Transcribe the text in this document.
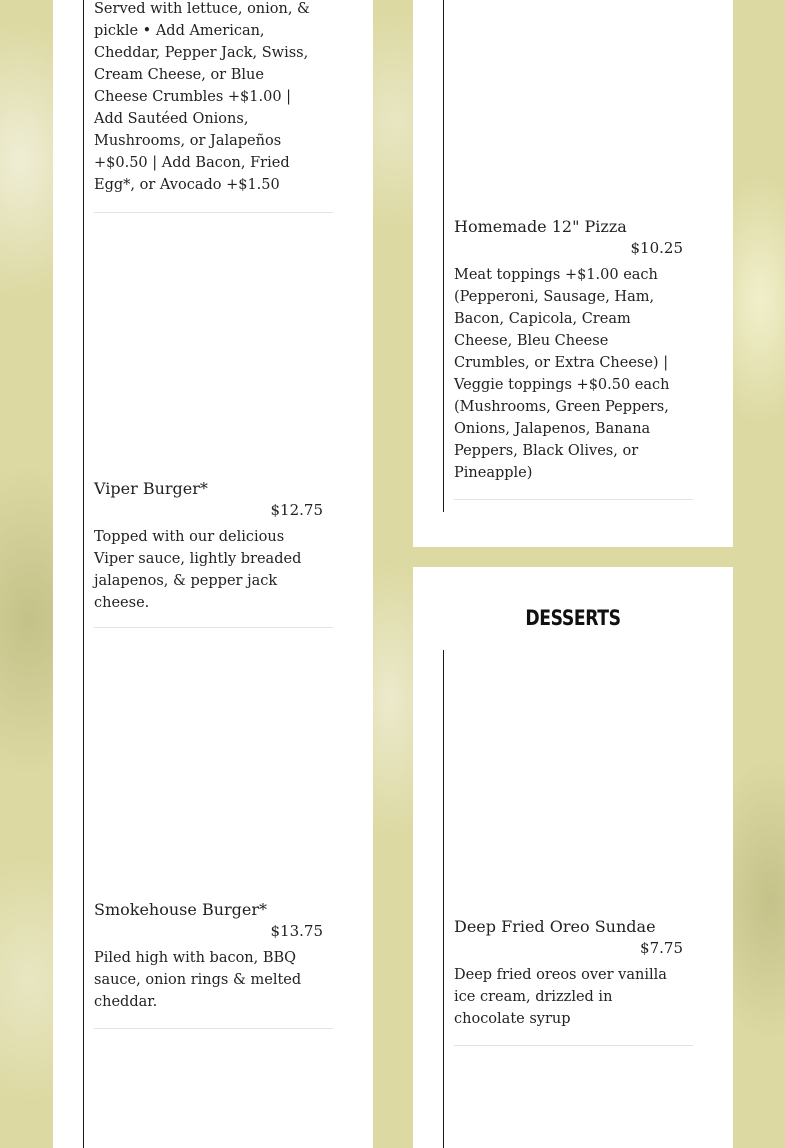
Served with lettuce, onion, & pickle • Add American, Cheddar, Pepper Jack, Swiss, Cream Cheese, or Blue Cheese Crumbles +$1.00 | Add Sautéed Onions, Mushrooms, or Jalapeños +$0.50 | Add Bacon, Fried Egg*, or Avocado +$1.50
Viper Burger*
$12.75
Topped with our delicious Viper sauce, lightly breaded jalapenos, & pepper jack cheese.
Smokehouse Burger*
$13.75
Piled high with bacon, BBQ sauce, onion rings & melted cheddar.
Homemade 12" Pizza
$10.25
Meat toppings +$1.00 each (Pepperoni, Sausage, Ham, Bacon, Capicola, Cream Cheese, Bleu Cheese Crumbles, or Extra Cheese) | Veggie toppings +$0.50 each (Mushrooms, Green Peppers, Onions, Jalapenos, Banana Peppers, Black Olives, or Pineapple)
DESSERTS
Deep Fried Oreo Sundae
$7.75
Deep fried oreos over vanilla ice cream, drizzled in chocolate syrup
